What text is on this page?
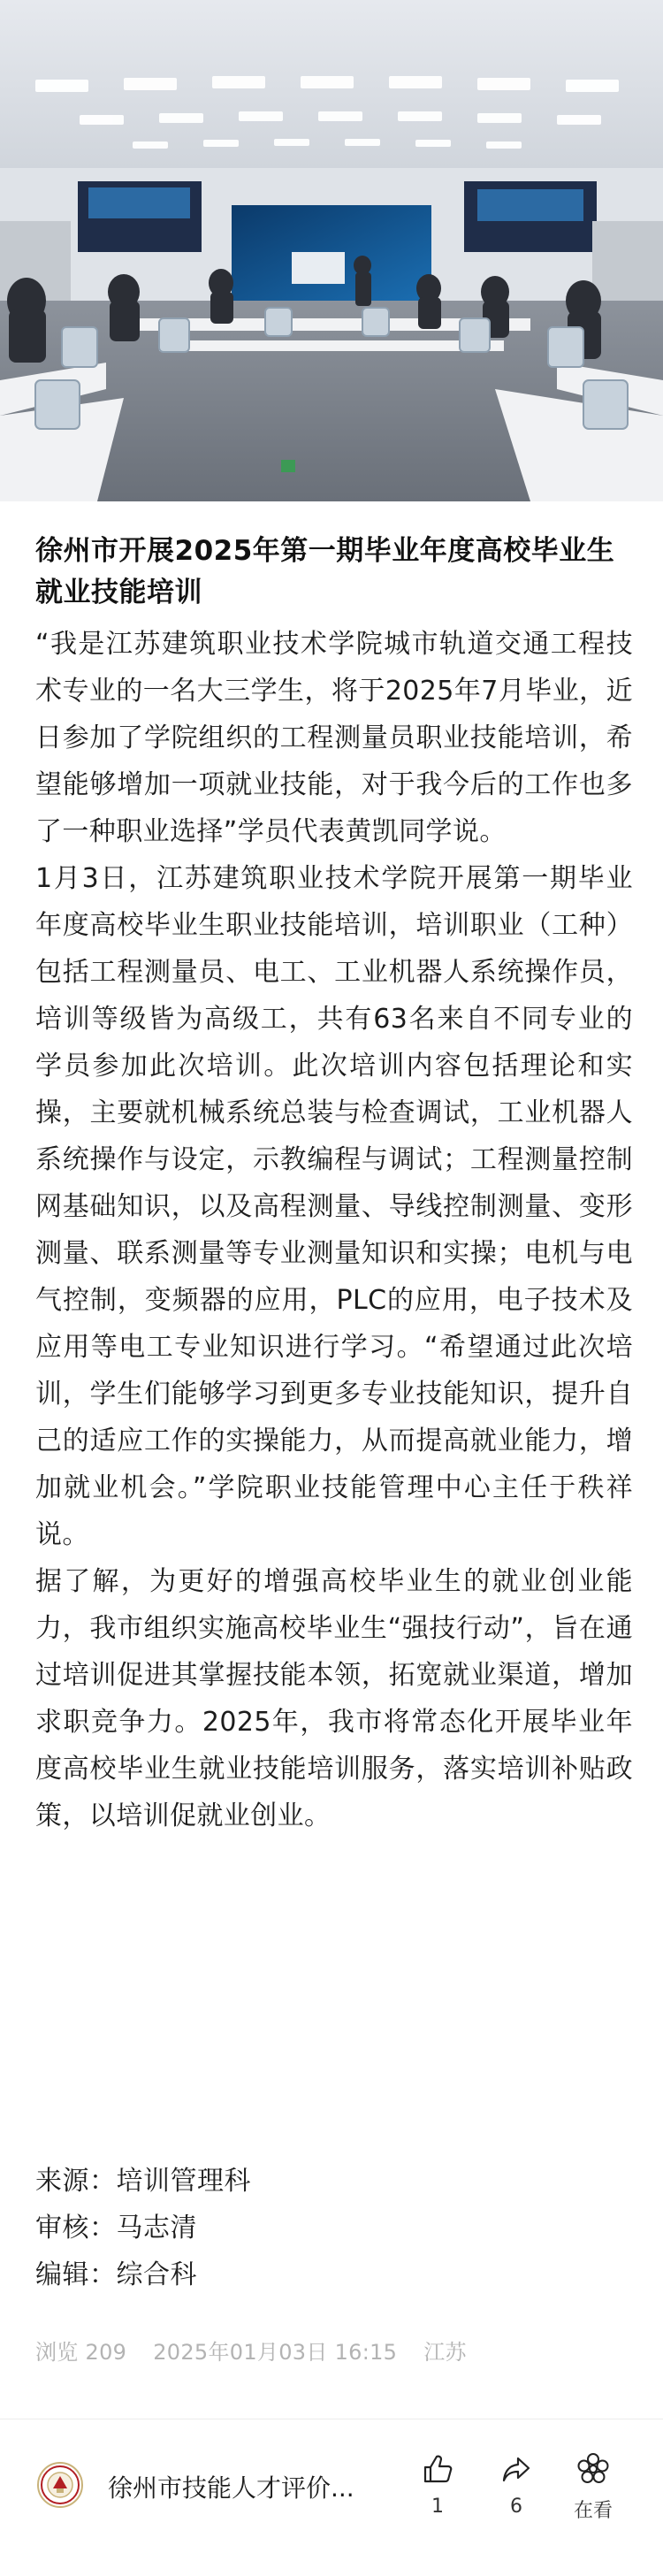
徐州市开展2025年第一期毕业年度高校毕业生就业技能培训

“我是江苏建筑职业技术学院城市轨道交通工程技术专业的一名大三学生，将于2025年7月毕业，近日参加了学院组织的工程测量员职业技能培训，希望能够增加一项就业技能，对于我今后的工作也多了一种职业选择”学员代表黄凯同学说。

1月3日，江苏建筑职业技术学院开展第一期毕业年度高校毕业生职业技能培训，培训职业（工种）包括工程测量员、电工、工业机器人系统操作员，培训等级皆为高级工，共有63名来自不同专业的学员参加此次培训。此次培训内容包括理论和实操，主要就机械系统总装与检查调试，工业机器人系统操作与设定，示教编程与调试；工程测量控制网基础知识，以及高程测量、导线控制测量、变形测量、联系测量等专业测量知识和实操；电机与电气控制，变频器的应用，PLC的应用，电子技术及应用等电工专业知识进行学习。“希望通过此次培训，学生们能够学习到更多专业技能知识，提升自己的适应工作的实操能力，从而提高就业能力，增加就业机会。”学院职业技能管理中心主任于秩祥说。

据了解，为更好的增强高校毕业生的就业创业能力，我市组织实施高校毕业生“强技行动”，旨在通过培训促进其掌握技能本领，拓宽就业渠道，增加求职竞争力。2025年，我市将常态化开展毕业年度高校毕业生就业技能培训服务，落实培训补贴政策，以培训促就业创业。

来源：培训管理科
审核：马志清
编辑：综合科
浏览 209 2025年01月03日 16:15 江苏
徐州市技能人才评价...
1	6	在看
